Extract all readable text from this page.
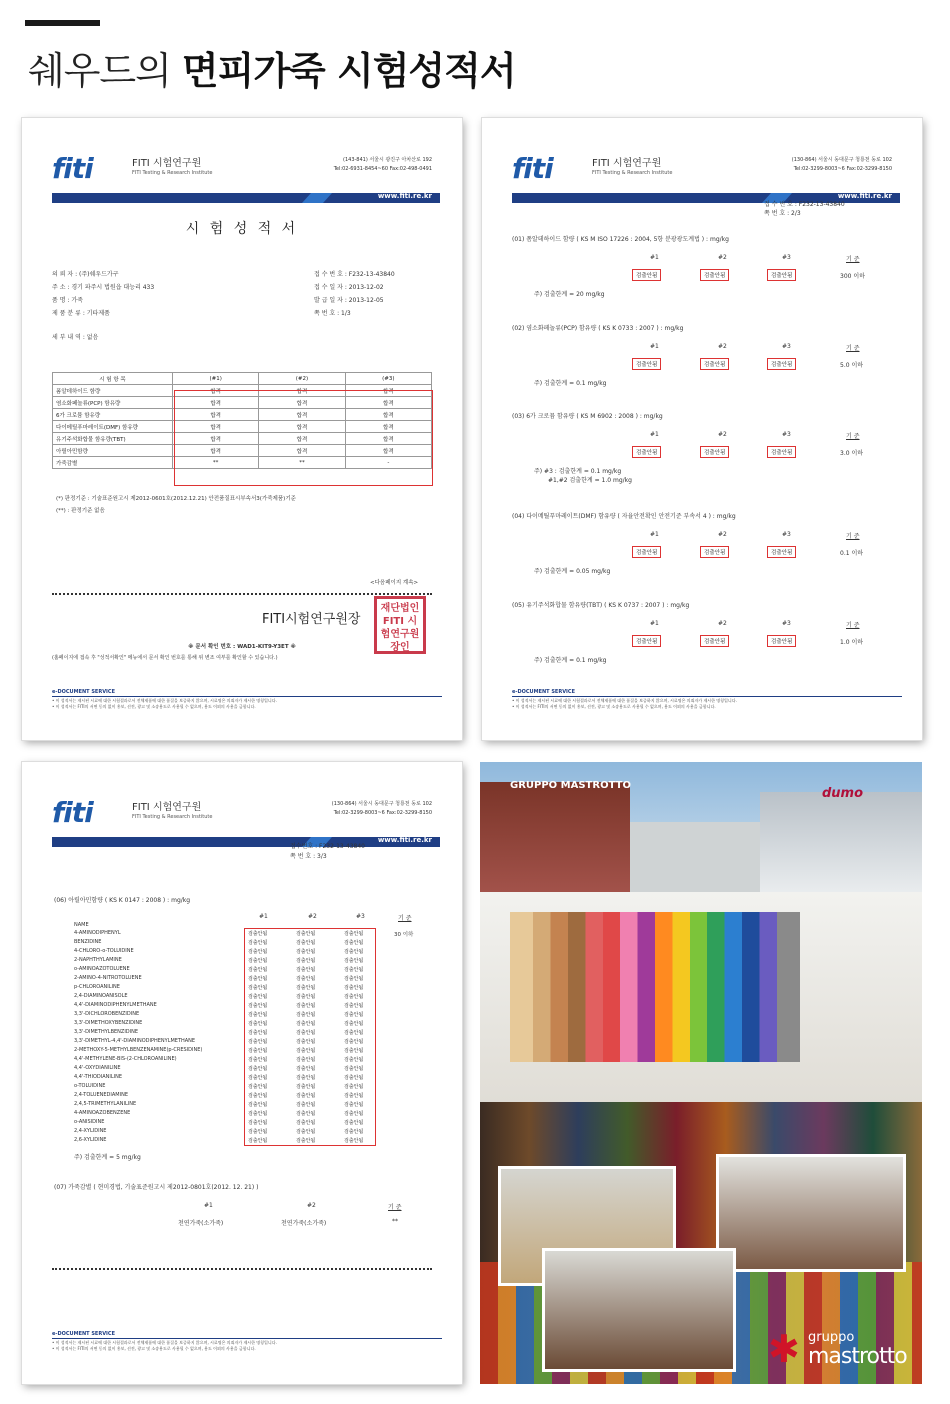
쉐우드의 면피가죽 시험성적서
fiti	FITI 시험연구원
FITI Testing & Research Institute
(143-841) 서울시 광진구 아차산로 192
Tel:02-6931-8454~60 Fax:02-498-0491
www.fiti.re.kr
시 험 성 적 서
의 뢰 자 : (주)쉐우드가구
주 소 : 경기 파주시 법원읍 대능리 433
품 명 : 가죽
제 품 분 류 : 기타제품
접 수 번 호 : F232-13-43840
접 수 일 자 : 2013-12-02
발 급 일 자 : 2013-12-05
쪽 번 호 : 1/3
세 부 내 역 : 없음
시 험 항 목	(#1)	(#2)	(#3)
폼알데하이드 함량	합격	합격	합격
염소화페놀류(PCP) 함유량	합격	합격	합격
6가 크로뮴 함유량	합격	합격	합격
다이메틸푸마레이트(DMF) 함유량	합격	합격	합격
유기주석화합물 함유량(TBT)	합격	합격	합격
아릴아민함량	합격	합격	합격
가죽감별	**	**	-
(*) 판정기준 : 기술표준원고시 제2012-0601호(2012.12.21) 안전품질표시부속서3(가죽제품)기준
(**) : 판정기준 없음
<다음페이지 계속>
FITI시험연구원장
재단법인 FITI 시험연구원장인
※ 문서 확인 번호 : WAD1-KIT9-Y3ET ※
(홈페이지에 접속 후 "성적서확인" 메뉴에서 문서 확인 번호를 통해 위 변조 여부를 확인할 수 있습니다.)
e-DOCUMENT SERVICE
• 이 성적서는 제시된 시료에 대한 시험결과로서 전체제품에 대한 품질을 보증하지 않으며, 시료명은 의뢰자가 제시한 명칭입니다.
• 이 성적서는 FITI의 서면 동의 없이 홍보, 선전, 광고 및 소송용도로 사용될 수 없으며, 용도 이외의 사용을 금합니다.
fiti	FITI 시험연구원
FITI Testing & Research Institute
(130-864) 서울시 동대문구 청룡천 동로 102
Tel:02-3299-8003~6 Fax:02-3299-8150
www.fiti.re.kr
접 수 번 호 : F232-13-43840
쪽 번 호 : 2/3
(01) 폼알데하이드 함량 ( KS M ISO 17226 : 2004, 5항 분광광도계법 ) : mg/kg
#1	#2	#3	기 준
검출안됨	검출안됨	검출안됨	300 이하
주) 검출한계 = 20 mg/kg
(02) 염소화페놀류(PCP) 함유량 ( KS K 0733 : 2007 ) : mg/kg
#1	#2	#3	기 준
검출안됨	검출안됨	검출안됨	5.0 이하
주) 검출한계 = 0.1 mg/kg
(03) 6가 크로뮴 함유량 ( KS M 6902 : 2008 ) : mg/kg
#1	#2	#3	기 준
검출안됨	검출안됨	검출안됨	3.0 이하
주) #3 : 검출한계 = 0.1 mg/kg
#1,#2 검출한계 = 1.0 mg/kg
(04) 다이메틸푸마레이트(DMF) 함유량 ( 자율안전확인 안전기준 부속서 4 ) : mg/kg
#1	#2	#3	기 준
검출안됨	검출안됨	검출안됨	0.1 이하
주) 검출한계 = 0.05 mg/kg
(05) 유기주석화합물 함유량(TBT) ( KS K 0737 : 2007 ) : mg/kg
#1	#2	#3	기 준
검출안됨	검출안됨	검출안됨	1.0 이하
주) 검출한계 = 0.1 mg/kg
e-DOCUMENT SERVICE
• 이 성적서는 제시된 시료에 대한 시험결과로서 전체제품에 대한 품질을 보증하지 않으며, 시료명은 의뢰자가 제시한 명칭입니다.
• 이 성적서는 FITI의 서면 동의 없이 홍보, 선전, 광고 및 소송용도로 사용될 수 없으며, 용도 이외의 사용을 금합니다.
fiti	FITI 시험연구원
FITI Testing & Research Institute
(130-864) 서울시 동대문구 청룡천 동로 102
Tel:02-3299-8003~6 Fax:02-3299-8150
www.fiti.re.kr
접수번호 : F232-13-43840
쪽 번 호 : 3/3
(06) 아릴아민함량 ( KS K 0147 : 2008 ) : mg/kg
#1	#2	#3	기 준
NAME
30 이하
4-AMINODIPHENYL	검출안됨	검출안됨	검출안됨
BENZIDINE	검출안됨	검출안됨	검출안됨
4-CHLORO-o-TOLUIDINE	검출안됨	검출안됨	검출안됨
2-NAPHTHYLAMINE	검출안됨	검출안됨	검출안됨
o-AMINOAZOTOLUENE	검출안됨	검출안됨	검출안됨
2-AMINO-4-NITROTOLUENE	검출안됨	검출안됨	검출안됨
p-CHLOROANILINE	검출안됨	검출안됨	검출안됨
2,4-DIAMINOANISOLE	검출안됨	검출안됨	검출안됨
4,4'-DIAMINODIPHENYLMETHANE	검출안됨	검출안됨	검출안됨
3,3'-DICHLOROBENZIDINE	검출안됨	검출안됨	검출안됨
3,3'-DIMETHOXYBENZIDINE	검출안됨	검출안됨	검출안됨
3,3'-DIMETHYLBENZIDINE	검출안됨	검출안됨	검출안됨
3,3'-DIMETHYL-4,4'-DIAMINODIPHENYLMETHANE	검출안됨	검출안됨	검출안됨
2-METHOXY-5-METHYLBENZENAMINE(p-CRESIDINE)	검출안됨	검출안됨	검출안됨
4,4'-METHYLENE-BIS-(2-CHLOROANILINE)	검출안됨	검출안됨	검출안됨
4,4'-OXYDIANILINE	검출안됨	검출안됨	검출안됨
4,4'-THIODIANILINE	검출안됨	검출안됨	검출안됨
o-TOLUIDINE	검출안됨	검출안됨	검출안됨
2,4-TOLUENEDIAMINE	검출안됨	검출안됨	검출안됨
2,4,5-TRIMETHYLANILINE	검출안됨	검출안됨	검출안됨
4-AMINOAZOBENZENE	검출안됨	검출안됨	검출안됨
o-ANISIDINE	검출안됨	검출안됨	검출안됨
2,4-XYLIDINE	검출안됨	검출안됨	검출안됨
2,6-XYLIDINE	검출안됨	검출안됨	검출안됨
주) 검출한계 = 5 mg/kg
(07) 가죽감별 ( 현미경법, 기술표준원고시 제2012-0801호(2012. 12. 21) )
#1	#2	기 준
천연가죽(소가죽)	천연가죽(소가죽)	**
e-DOCUMENT SERVICE
• 이 성적서는 제시된 시료에 대한 시험결과로서 전체제품에 대한 품질을 보증하지 않으며, 시료명은 의뢰자가 제시한 명칭입니다.
• 이 성적서는 FITI의 서면 동의 없이 홍보, 선전, 광고 및 소송용도로 사용될 수 없으며, 용도 이외의 사용을 금합니다.
GRUPPO MASTROTTO
dumo
✱ gruppo
mastrotto
